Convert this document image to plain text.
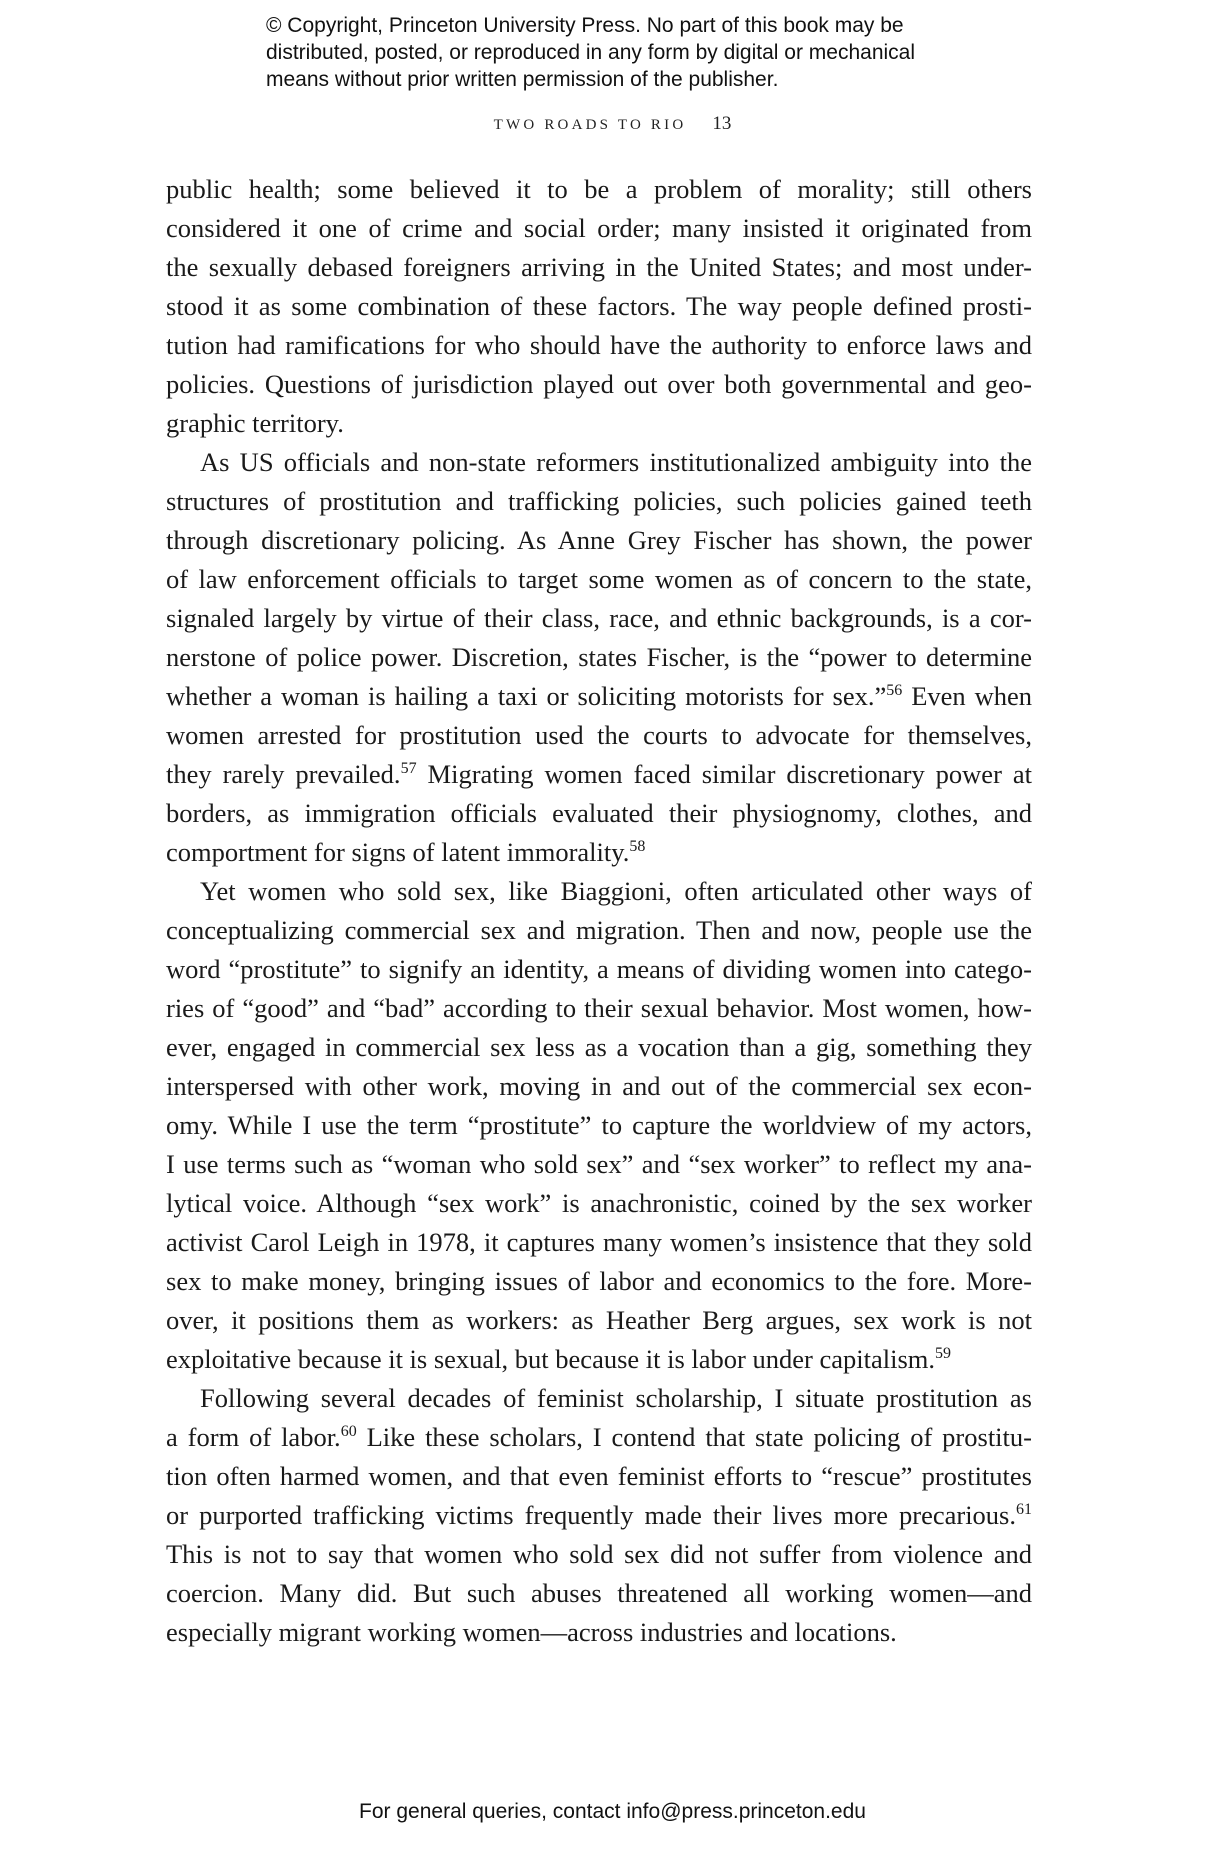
© Copyright, Princeton University Press. No part of this book may be
distributed, posted, or reproduced in any form by digital or mechanical
means without prior written permission of the publisher.
TWO ROADS TO RIO 13
public health; some believed it to be a problem of morality; still others
considered it one of crime and social order; many insisted it originated from
the sexually debased foreigners arriving in the United States; and most under-
stood it as some combination of these factors. The way people defined prosti-
tution had ramifications for who should have the authority to enforce laws and
policies. Questions of jurisdiction played out over both governmental and geo-
graphic territory.
As US officials and non-state reformers institutionalized ambiguity into the
structures of prostitution and trafficking policies, such policies gained teeth
through discretionary policing. As Anne Grey Fischer has shown, the power
of law enforcement officials to target some women as of concern to the state,
signaled largely by virtue of their class, race, and ethnic backgrounds, is a cor-
nerstone of police power. Discretion, states Fischer, is the “power to determine
whether a woman is hailing a taxi or soliciting motorists for sex.”$^{56}$ Even when
women arrested for prostitution used the courts to advocate for themselves,
they rarely prevailed.$^{57}$ Migrating women faced similar discretionary power at
borders, as immigration officials evaluated their physiognomy, clothes, and
comportment for signs of latent immorality.$^{58}$
Yet women who sold sex, like Biaggioni, often articulated other ways of
conceptualizing commercial sex and migration. Then and now, people use the
word “prostitute” to signify an identity, a means of dividing women into catego-
ries of “good” and “bad” according to their sexual behavior. Most women, how-
ever, engaged in commercial sex less as a vocation than a gig, something they
interspersed with other work, moving in and out of the commercial sex econ-
omy. While I use the term “prostitute” to capture the worldview of my actors,
I use terms such as “woman who sold sex” and “sex worker” to reflect my ana-
lytical voice. Although “sex work” is anachronistic, coined by the sex worker
activist Carol Leigh in 1978, it captures many women’s insistence that they sold
sex to make money, bringing issues of labor and economics to the fore. More-
over, it positions them as workers: as Heather Berg argues, sex work is not
exploitative because it is sexual, but because it is labor under capitalism.$^{59}$
Following several decades of feminist scholarship, I situate prostitution as
a form of labor.$^{60}$ Like these scholars, I contend that state policing of prostitu-
tion often harmed women, and that even feminist efforts to “rescue” prostitutes
or purported trafficking victims frequently made their lives more precarious.$^{61}$
This is not to say that women who sold sex did not suffer from violence and
coercion. Many did. But such abuses threatened all working women—and
especially migrant working women—across industries and locations.
For general queries, contact info@press.princeton.edu
